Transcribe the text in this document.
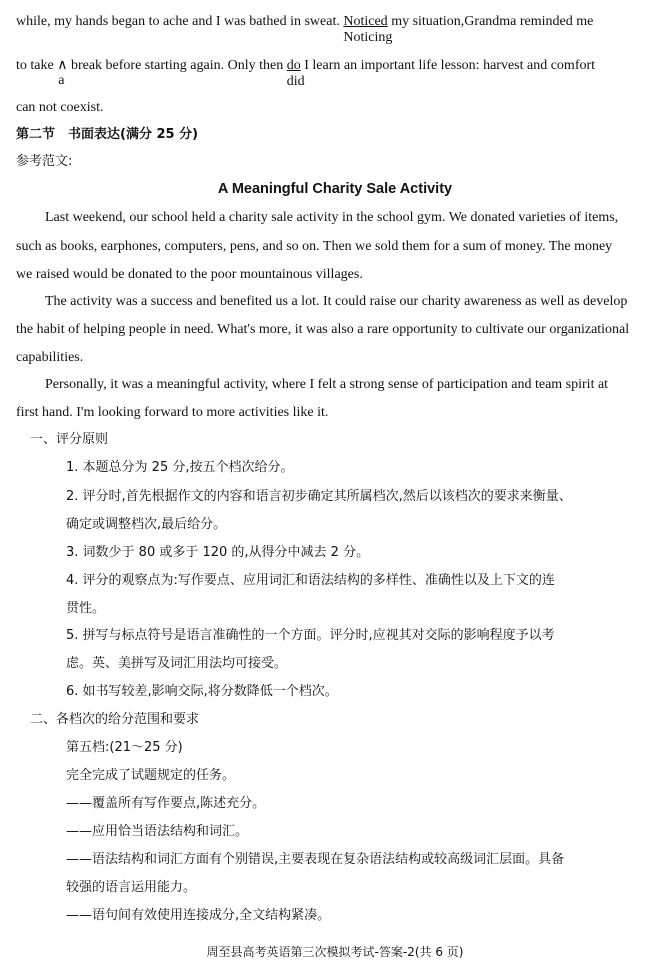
while, my hands began to ache and I was bathed in sweat. Noticed
Noticing
my situation,Grandma reminded me
to take ∧
a
break before starting again. Only then do
did
I learn an important life lesson: harvest and comfort
can not coexist.
第二节　书面表达(满分 25 分)
参考范文:
A Meaningful Charity Sale Activity
Last weekend, our school held a charity sale activity in the school gym. We donated varieties of items,
such as books, earphones, computers, pens, and so on. Then we sold them for a sum of money. The money
we raised would be donated to the poor mountainous villages.
The activity was a success and benefited us a lot. It could raise our charity awareness as well as develop
the habit of helping people in need. What's more, it was also a rare opportunity to cultivate our organizational
capabilities.
Personally, it was a meaningful activity, where I felt a strong sense of participation and team spirit at
first hand. I'm looking forward to more activities like it.
一、评分原则
1. 本题总分为 25 分,按五个档次给分。
2. 评分时,首先根据作文的内容和语言初步确定其所属档次,然后以该档次的要求来衡量、
确定或调整档次,最后给分。
3. 词数少于 80 或多于 120 的,从得分中减去 2 分。
4. 评分的观察点为:写作要点、应用词汇和语法结构的多样性、准确性以及上下文的连
贯性。
5. 拼写与标点符号是语言准确性的一个方面。评分时,应视其对交际的影响程度予以考
虑。英、美拼写及词汇用法均可接受。
6. 如书写较差,影响交际,将分数降低一个档次。
二、各档次的给分范围和要求
第五档:(21～25 分)
完全完成了试题规定的任务。
——覆盖所有写作要点,陈述充分。
——应用恰当语法结构和词汇。
——语法结构和词汇方面有个别错误,主要表现在复杂语法结构或较高级词汇层面。具备
较强的语言运用能力。
——语句间有效使用连接成分,全文结构紧凑。
周至县高考英语第三次模拟考试-答案-2(共 6 页)
